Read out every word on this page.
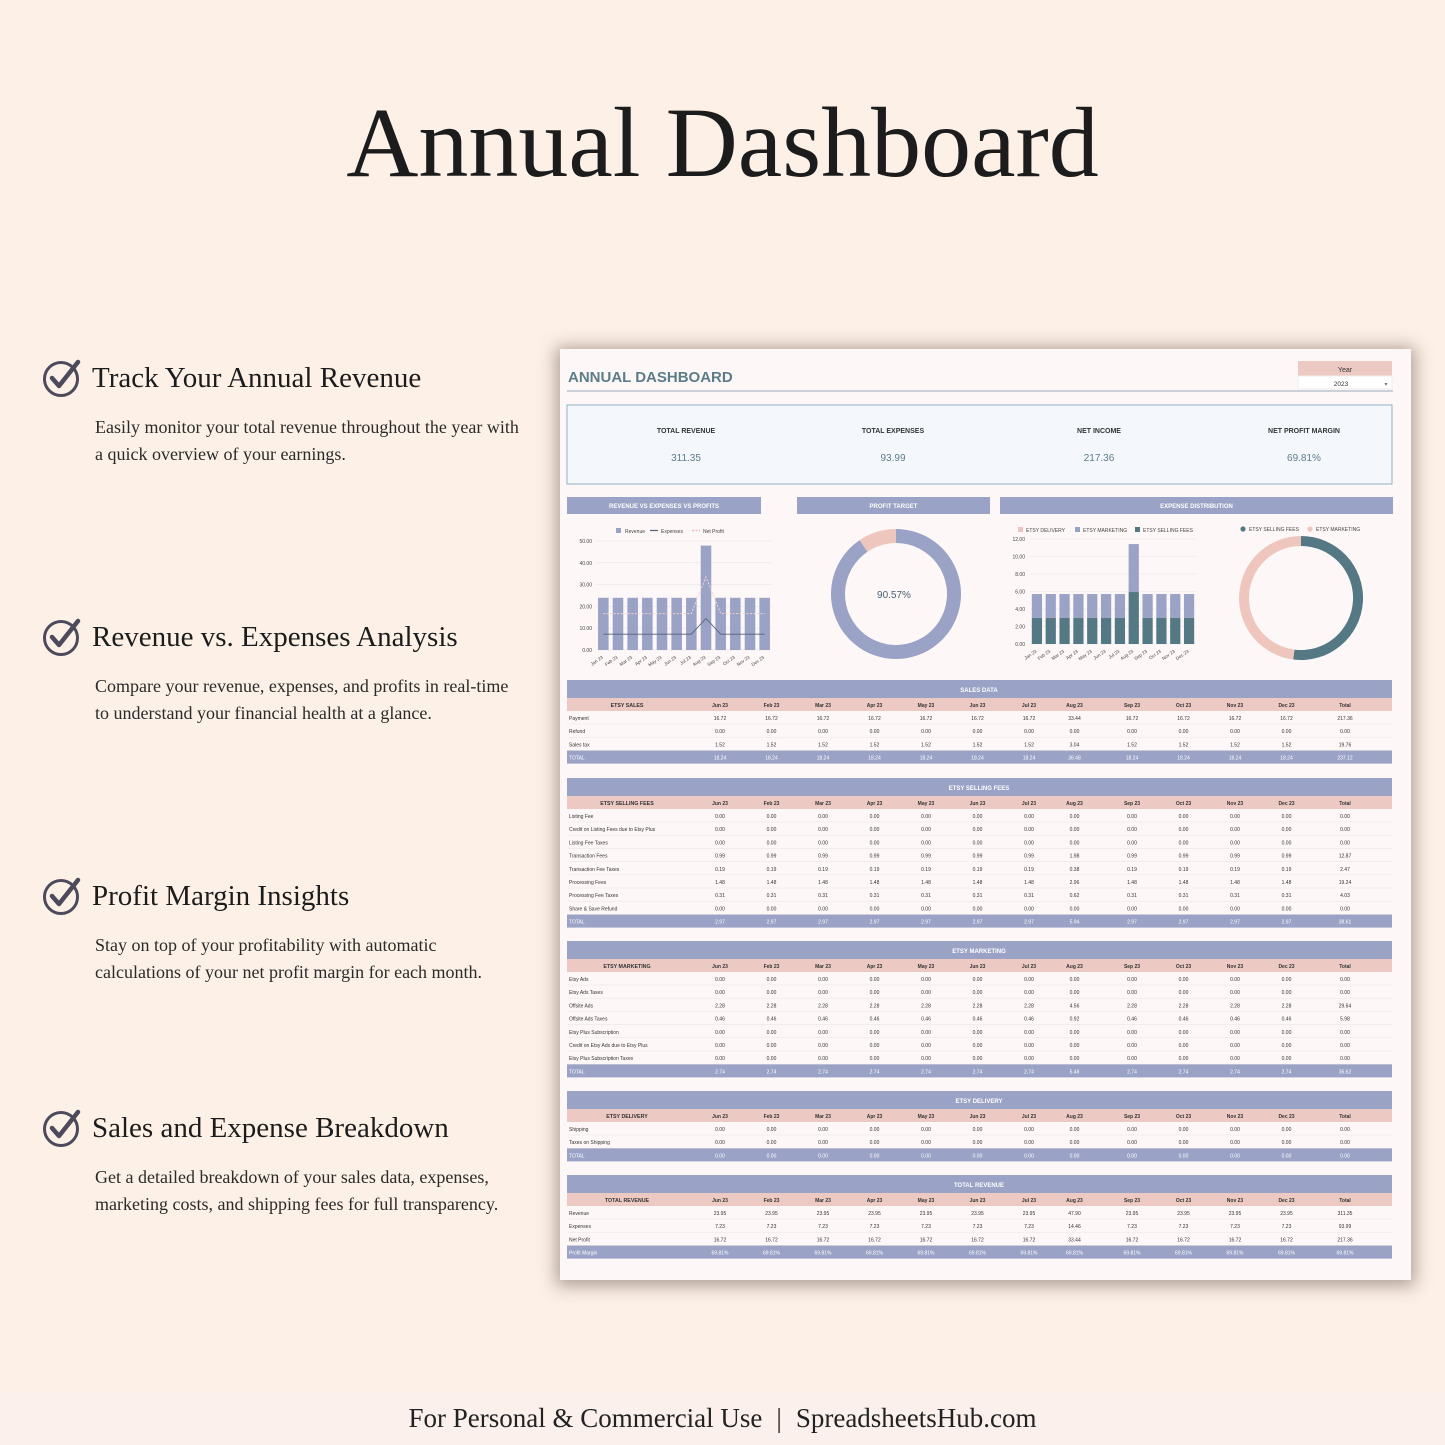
Annual Dashboard
Track Your Annual Revenue
Easily monitor your total revenue throughout the year with a quick overview of your earnings.
Revenue vs. Expenses Analysis
Compare your revenue, expenses, and profits in real-time to understand your financial health at a glance.
Profit Margin Insights
Stay on top of your profitability with automatic calculations of your net profit margin for each month.
Sales and Expense Breakdown
Get a detailed breakdown of your sales data, expenses, marketing costs, and shipping fees for full transparency.
ANNUAL DASHBOARD	Year
2023	▾
TOTAL REVENUE
311.35
TOTAL EXPENSES
93.99
NET INCOME
217.36
NET PROFIT MARGIN
69.81%
REVENUE VS EXPENSES VS PROFITS	PROFIT TARGET	EXPENSE DISTRIBUTION
0.00
10.00
20.00
30.00
40.00
50.00
Revenue	Expenses	Net Profit
Jan 23 Feb 23 Mar 23 Apr 23 May 23 Jun 23 Jul 23 Aug 23 Sep 23 Oct 23 Nov 23 Dec 23
90.57%
0.00
2.00
4.00
6.00
8.00
10.00
12.00
ETSY DELIVERY	ETSY MARKETING	ETSY SELLING FEES
Jan 23 Feb 23 Mar 23 Apr 23
May 23 Jun 23 Jul 23 Aug 23 Sep 23 Oct 23 Nov 23 Dec 23
ETSY SELLING FEES	ETSY MARKETING
SALES DATA
ETSY SALES	Jun 23	Feb 23	Mar 23	Apr 23	May 23	Jun 23	Jul 23	Aug 23	Sep 23	Oct 23	Nov 23	Dec 23	Total
Payment	16.72	16.72	16.72	16.72	16.72	16.72	16.72	33.44	16.72	16.72	16.72	16.72	217.36
Refund	0.00	0.00	0.00	0.00	0.00	0.00	0.00	0.00	0.00	0.00	0.00	0.00	0.00
Sales tax	1.52	1.52	1.52	1.52	1.52	1.52	1.52	3.04	1.52	1.52	1.52	1.52	19.76
TOTAL	18.24	18.24	18.24	18.24	18.24	18.24	18.24	36.48	18.24	18.24	18.24	18.24	237.12
ETSY SELLING FEES
ETSY SELLING FEES	Jun 23	Feb 23	Mar 23	Apr 23	May 23	Jun 23	Jul 23	Aug 23	Sep 23	Oct 23	Nov 23	Dec 23	Total
Listing Fee	0.00	0.00	0.00	0.00	0.00	0.00	0.00	0.00	0.00	0.00	0.00	0.00	0.00
Credit on Listing Fees due to Etsy Plus	0.00	0.00	0.00	0.00	0.00	0.00	0.00	0.00	0.00	0.00	0.00	0.00	0.00
Listing Fee Taxes	0.00	0.00	0.00	0.00	0.00	0.00	0.00	0.00	0.00	0.00	0.00	0.00	0.00
Transaction Fees	0.99	0.99	0.99	0.99	0.99	0.99	0.99	1.98	0.99	0.99	0.99	0.99	12.87
Transaction Fee Taxes	0.19	0.19	0.19	0.19	0.19	0.19	0.19	0.38	0.19	0.19	0.19	0.19	2.47
Processing Fees	1.48	1.48	1.48	1.48	1.48	1.48	1.48	2.96	1.48	1.48	1.48	1.48	19.24
Processing Fee Taxes	0.31	0.31	0.31	0.31	0.31	0.31	0.31	0.62	0.31	0.31	0.31	0.31	4.03
Share & Save Refund	0.00	0.00	0.00	0.00	0.00	0.00	0.00	0.00	0.00	0.00	0.00	0.00	0.00
TOTAL	2.97	2.97	2.97	2.97	2.97	2.97	2.97	5.94	2.97	2.97	2.97	2.97	38.61
ETSY MARKETING
ETSY MARKETING	Jun 23	Feb 23	Mar 23	Apr 23	May 23	Jun 23	Jul 23	Aug 23	Sep 23	Oct 23	Nov 23	Dec 23	Total
Etsy Ads	0.00	0.00	0.00	0.00	0.00	0.00	0.00	0.00	0.00	0.00	0.00	0.00	0.00
Etsy Ads Taxes	0.00	0.00	0.00	0.00	0.00	0.00	0.00	0.00	0.00	0.00	0.00	0.00	0.00
Offsite Ads	2.28	2.28	2.28	2.28	2.28	2.28	2.28	4.56	2.28	2.28	2.28	2.28	29.64
Offsite Ads Taxes	0.46	0.46	0.46	0.46	0.46	0.46	0.46	0.92	0.46	0.46	0.46	0.46	5.98
Etsy Plus Subscription	0.00	0.00	0.00	0.00	0.00	0.00	0.00	0.00	0.00	0.00	0.00	0.00	0.00
Credit on Etsy Ads due to Etsy Plus	0.00	0.00	0.00	0.00	0.00	0.00	0.00	0.00	0.00	0.00	0.00	0.00	0.00
Etsy Plus Subscription Taxes	0.00	0.00	0.00	0.00	0.00	0.00	0.00	0.00	0.00	0.00	0.00	0.00	0.00
TOTAL	2.74	2.74	2.74	2.74	2.74	2.74	2.74	5.48	2.74	2.74	2.74	2.74	35.62
ETSY DELIVERY
ETSY DELIVERY	Jun 23	Feb 23	Mar 23	Apr 23	May 23	Jun 23	Jul 23	Aug 23	Sep 23	Oct 23	Nov 23	Dec 23	Total
Shipping	0.00	0.00	0.00	0.00	0.00	0.00	0.00	0.00	0.00	0.00	0.00	0.00	0.00
Taxes on Shipping	0.00	0.00	0.00	0.00	0.00	0.00	0.00	0.00	0.00	0.00	0.00	0.00	0.00
TOTAL	0.00	0.00	0.00	0.00	0.00	0.00	0.00	0.00	0.00	0.00	0.00	0.00	0.00
TOTAL REVENUE
TOTAL REVENUE	Jun 23	Feb 23	Mar 23	Apr 23	May 23	Jun 23	Jul 23	Aug 23	Sep 23	Oct 23	Nov 23	Dec 23	Total
Revenue	23.95	23.95	23.95	23.95	23.95	23.95	23.95	47.90	23.95	23.95	23.95	23.95	311.35
Expenses	7.23	7.23	7.23	7.23	7.23	7.23	7.23	14.46	7.23	7.23	7.23	7.23	93.99
Net Profit	16.72	16.72	16.72	16.72	16.72	16.72	16.72	33.44	16.72	16.72	16.72	16.72	217.36
Profit Margin	69.81%	69.81%	69.81%	69.81%	69.81%	69.81%	69.81%	69.81%	69.81%	69.81%	69.81%	69.81%	69.81%
For Personal & Commercial Use | SpreadsheetsHub.com
